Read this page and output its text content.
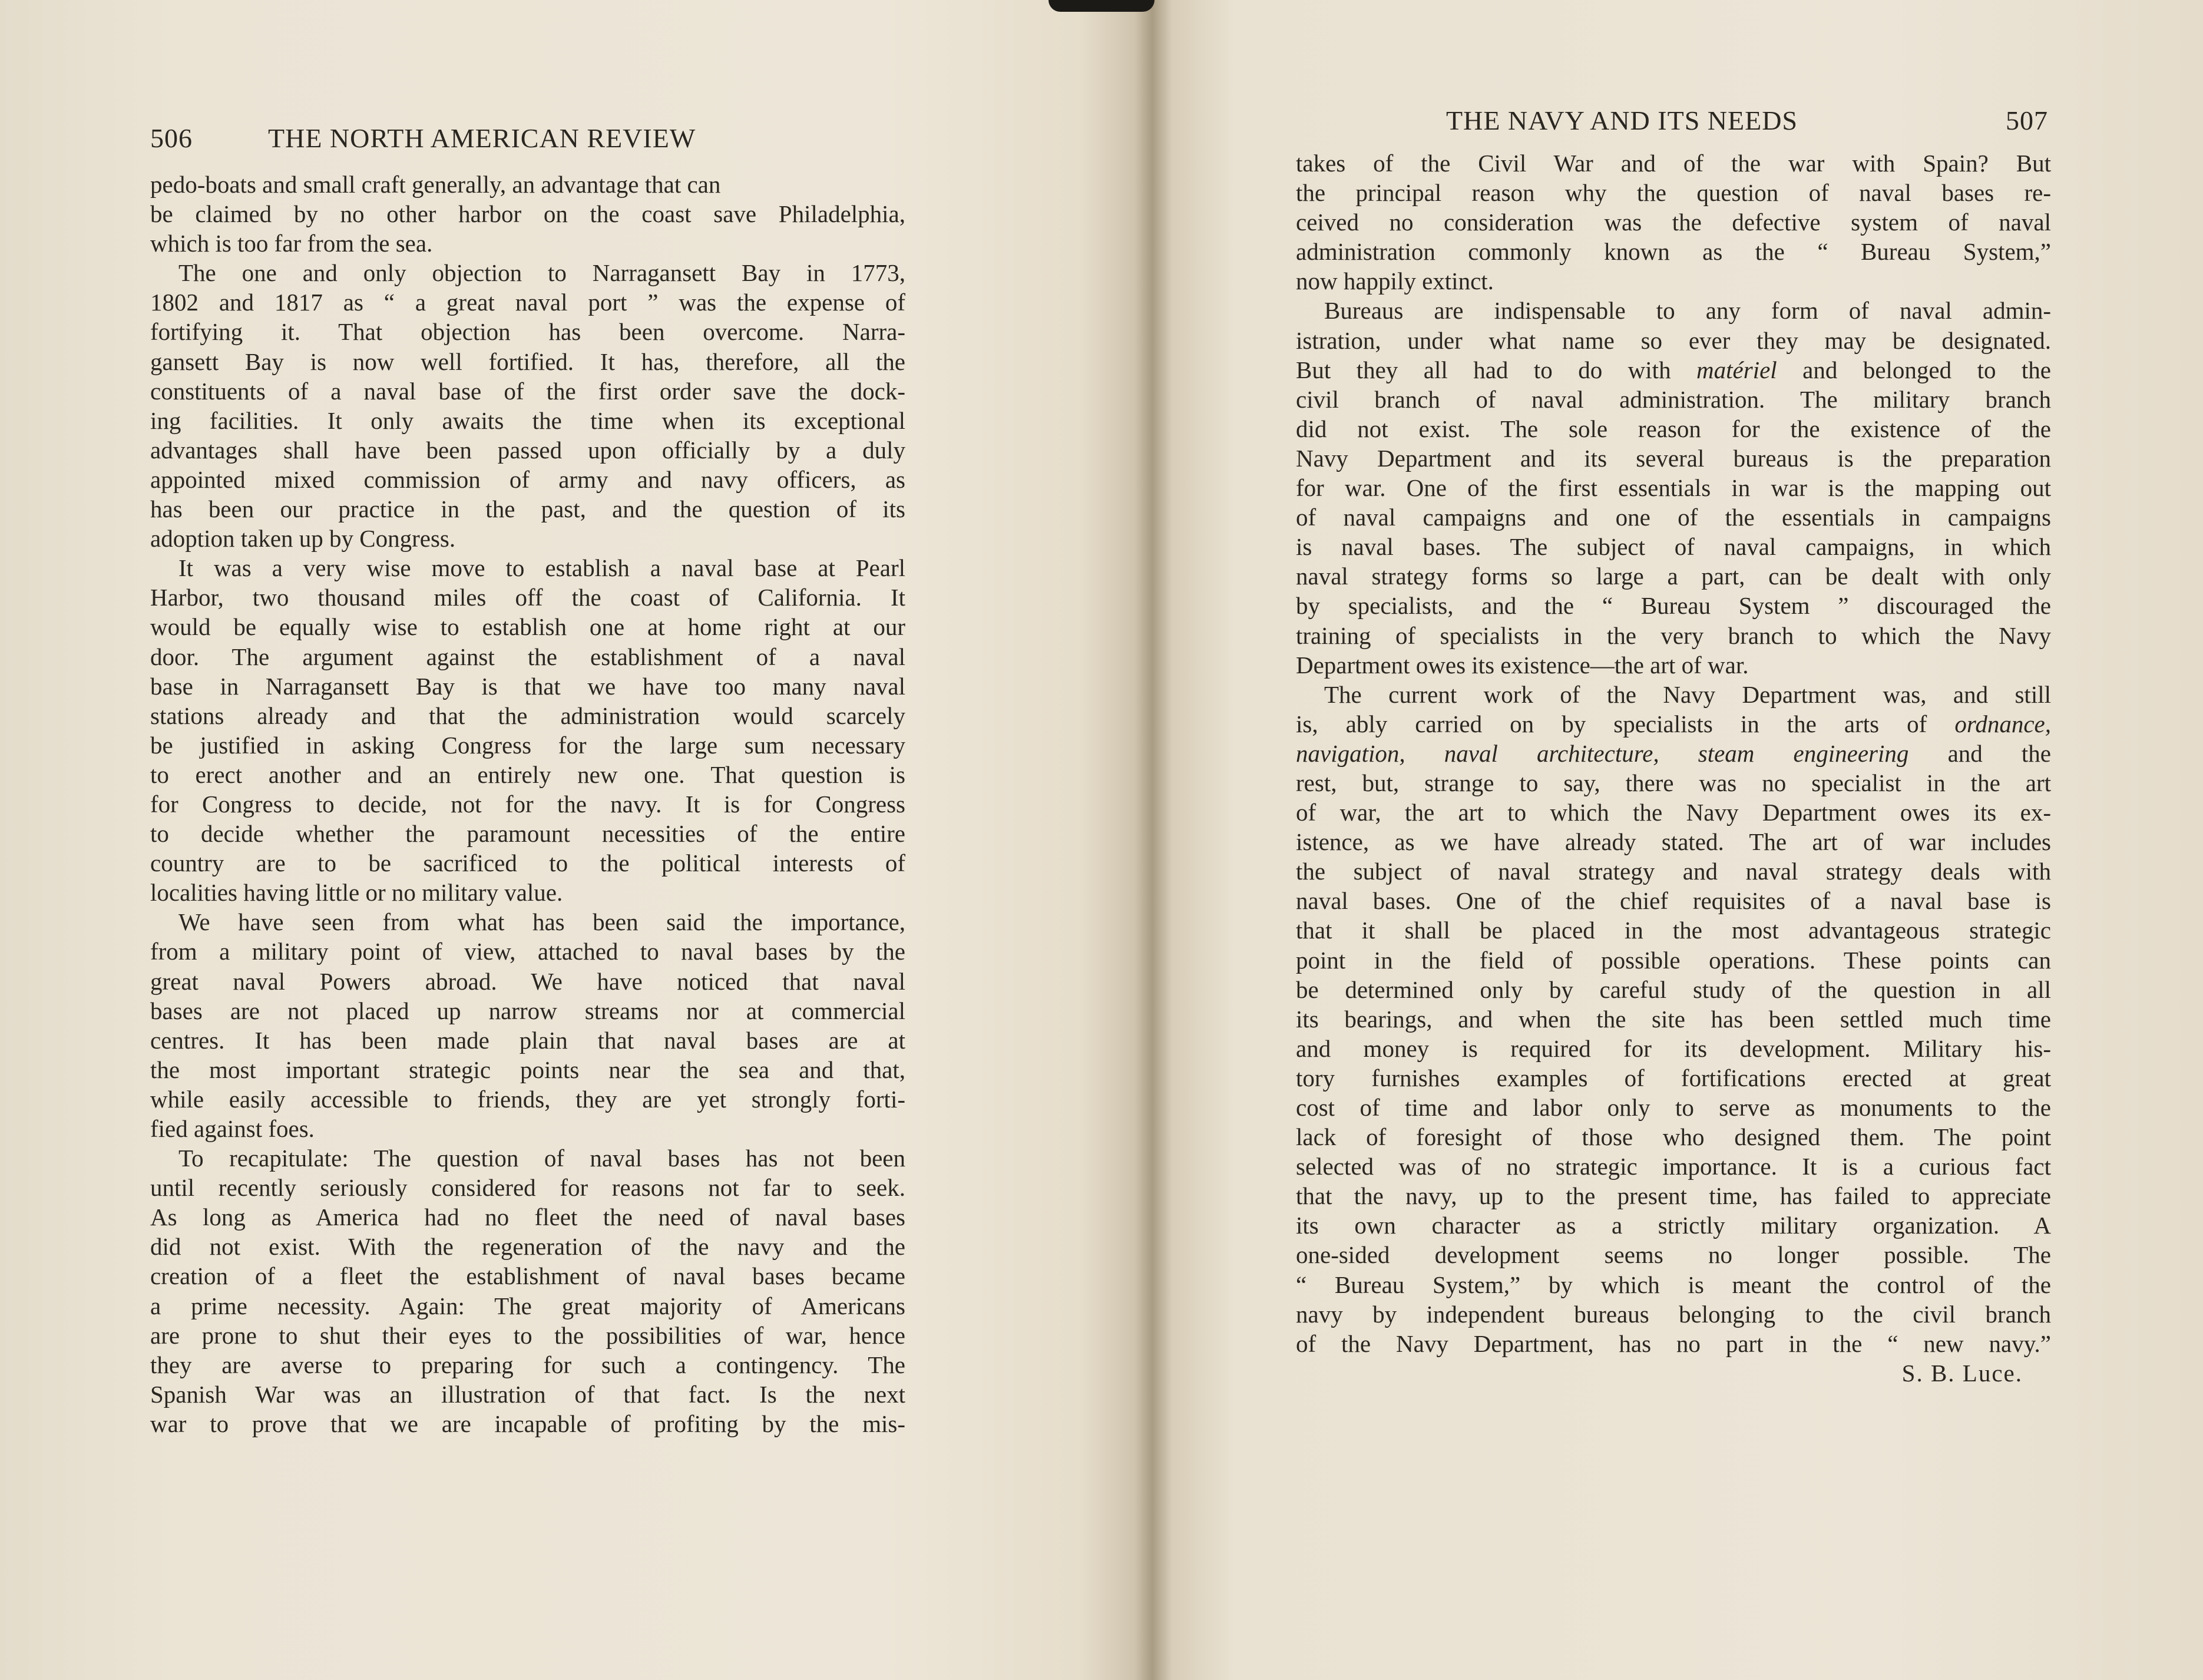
506	THE NORTH AMERICAN REVIEW
pedo-boats and small craft generally, an advantage that can
be claimed by no other harbor on the coast save Philadelphia,
which is too far from the sea.
The one and only objection to Narragansett Bay in 1773,
1802 and 1817 as “ a great naval port ” was the expense of
fortifying it. That objection has been overcome. Narra-
gansett Bay is now well fortified. It has, therefore, all the
constituents of a naval base of the first order save the dock-
ing facilities. It only awaits the time when its exceptional
advantages shall have been passed upon officially by a duly
appointed mixed commission of army and navy officers, as
has been our practice in the past, and the question of its
adoption taken up by Congress.
It was a very wise move to establish a naval base at Pearl
Harbor, two thousand miles off the coast of California. It
would be equally wise to establish one at home right at our
door. The argument against the establishment of a naval
base in Narragansett Bay is that we have too many naval
stations already and that the administration would scarcely
be justified in asking Congress for the large sum necessary
to erect another and an entirely new one. That question is
for Congress to decide, not for the navy. It is for Congress
to decide whether the paramount necessities of the entire
country are to be sacrificed to the political interests of
localities having little or no military value.
We have seen from what has been said the importance,
from a military point of view, attached to naval bases by the
great naval Powers abroad. We have noticed that naval
bases are not placed up narrow streams nor at commercial
centres. It has been made plain that naval bases are at
the most important strategic points near the sea and that,
while easily accessible to friends, they are yet strongly forti-
fied against foes.
To recapitulate: The question of naval bases has not been
until recently seriously considered for reasons not far to seek.
As long as America had no fleet the need of naval bases
did not exist. With the regeneration of the navy and the
creation of a fleet the establishment of naval bases became
a prime necessity. Again: The great majority of Americans
are prone to shut their eyes to the possibilities of war, hence
they are averse to preparing for such a contingency. The
Spanish War was an illustration of that fact. Is the next
war to prove that we are incapable of profiting by the mis-
THE NAVY AND ITS NEEDS	507
takes of the Civil War and of the war with Spain? But
the principal reason why the question of naval bases re-
ceived no consideration was the defective system of naval
administration commonly known as the “ Bureau System,”
now happily extinct.
Bureaus are indispensable to any form of naval admin-
istration, under what name so ever they may be designated.
But they all had to do with matériel and belonged to the
civil branch of naval administration. The military branch
did not exist. The sole reason for the existence of the
Navy Department and its several bureaus is the preparation
for war. One of the first essentials in war is the mapping out
of naval campaigns and one of the essentials in campaigns
is naval bases. The subject of naval campaigns, in which
naval strategy forms so large a part, can be dealt with only
by specialists, and the “ Bureau System ” discouraged the
training of specialists in the very branch to which the Navy
Department owes its existence—the art of war.
The current work of the Navy Department was, and still
is, ably carried on by specialists in the arts of ordnance,
navigation, naval architecture, steam engineering and the
rest, but, strange to say, there was no specialist in the art
of war, the art to which the Navy Department owes its ex-
istence, as we have already stated. The art of war includes
the subject of naval strategy and naval strategy deals with
naval bases. One of the chief requisites of a naval base is
that it shall be placed in the most advantageous strategic
point in the field of possible operations. These points can
be determined only by careful study of the question in all
its bearings, and when the site has been settled much time
and money is required for its development. Military his-
tory furnishes examples of fortifications erected at great
cost of time and labor only to serve as monuments to the
lack of foresight of those who designed them. The point
selected was of no strategic importance. It is a curious fact
that the navy, up to the present time, has failed to appreciate
its own character as a strictly military organization. A
one-sided development seems no longer possible. The
“ Bureau System,” by which is meant the control of the
navy by independent bureaus belonging to the civil branch
of the Navy Department, has no part in the “ new navy.”
S. B. Luce.
